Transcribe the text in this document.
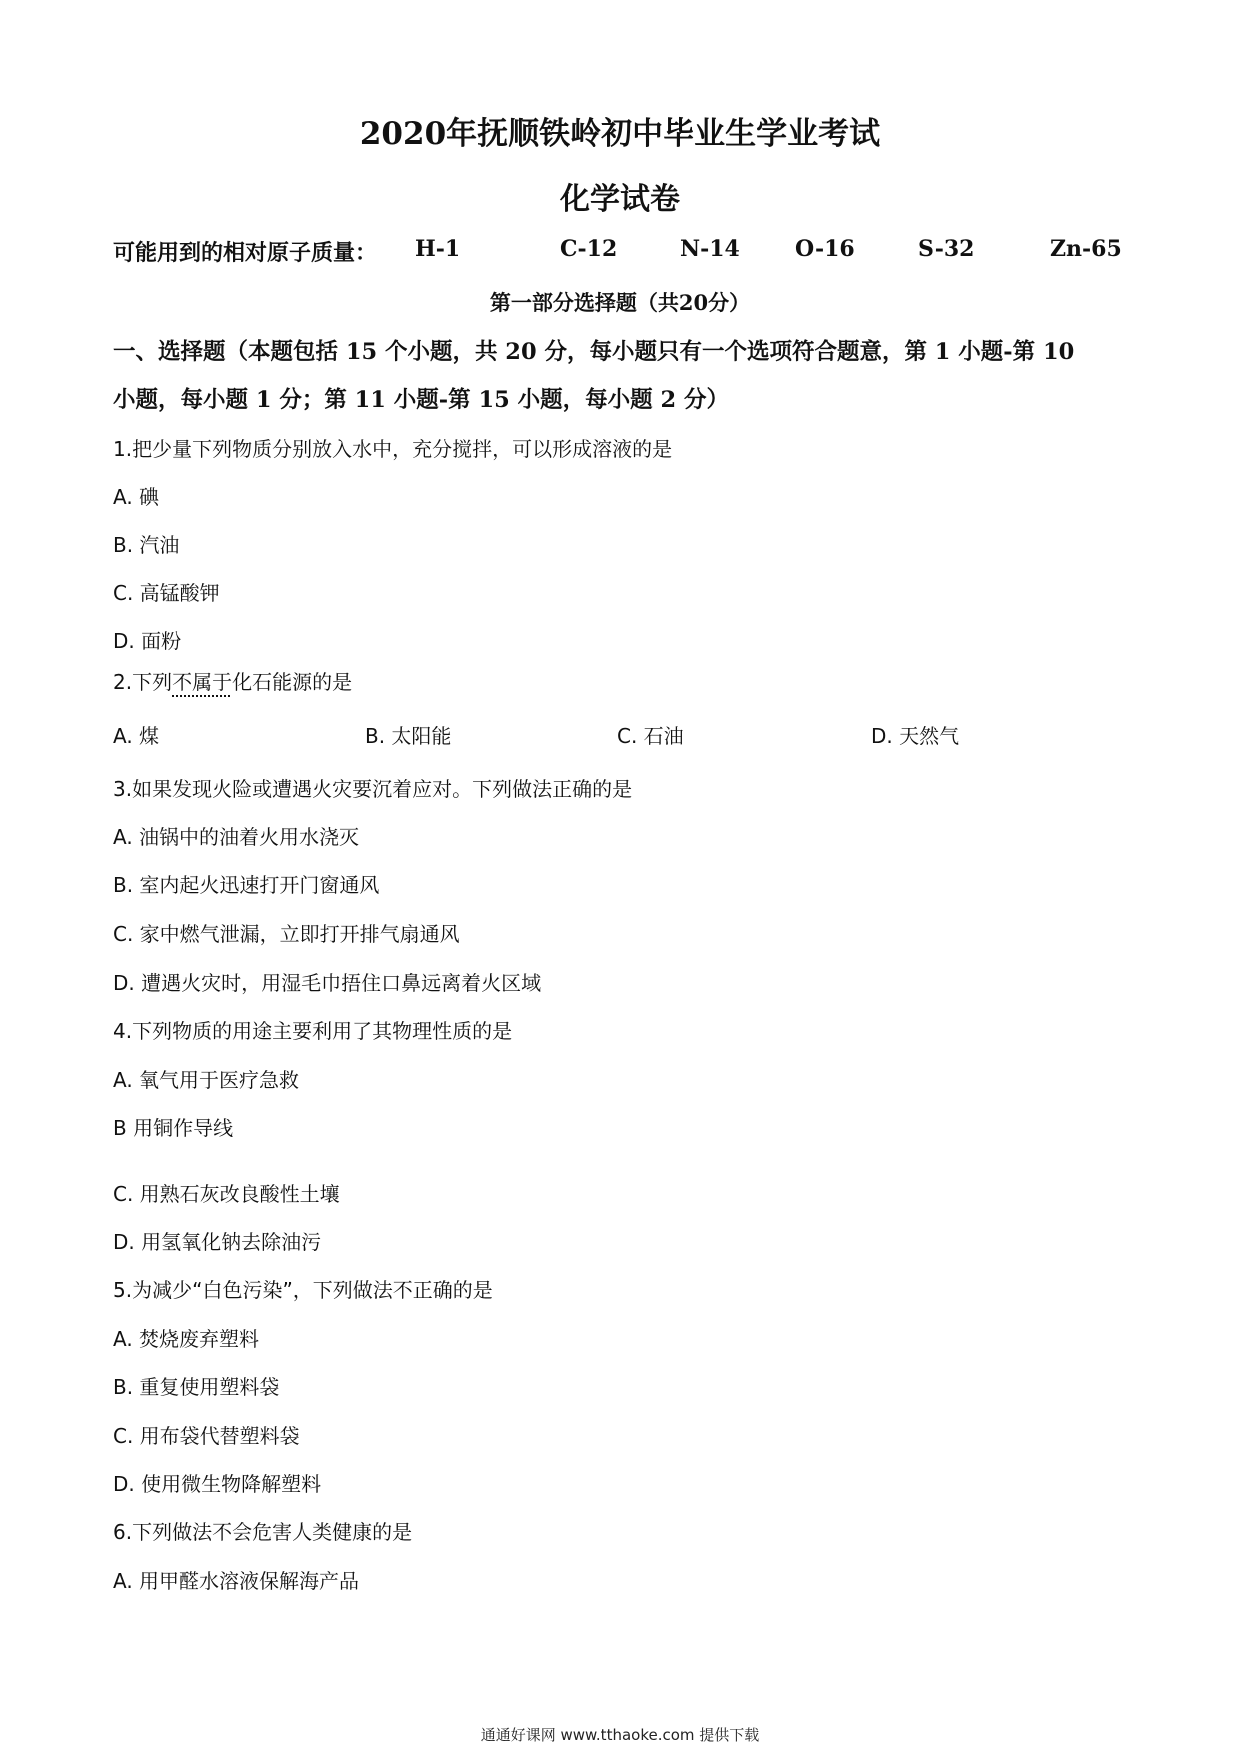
2020年抚顺铁岭初中毕业生学业考试
化学试卷
可能用到的相对原子质量： H-1	C-12	N-14	O-16	S-32	Zn-65
第一部分选择题（共20分）
一、选择题（本题包括 15 个小题，共 20 分，每小题只有一个选项符合题意，第 1 小题-第 10
小题，每小题 1 分；第 11 小题-第 15 小题，每小题 2 分）
1.把少量下列物质分别放入水中，充分搅拌，可以形成溶液的是
A. 碘
B. 汽油
C. 高锰酸钾
D. 面粉
2.下列不属于化石能源的是
A. 煤	B. 太阳能	C. 石油	D. 天然气
3.如果发现火险或遭遇火灾要沉着应对。下列做法正确的是
A. 油锅中的油着火用水浇灭
B. 室内起火迅速打开门窗通风
C. 家中燃气泄漏，立即打开排气扇通风
D. 遭遇火灾时，用湿毛巾捂住口鼻远离着火区域
4.下列物质的用途主要利用了其物理性质的是
A. 氧气用于医疗急救
B 用铜作导线
C. 用熟石灰改良酸性土壤
D. 用氢氧化钠去除油污
5.为减少“白色污染”，下列做法不正确的是
A. 焚烧废弃塑料
B. 重复使用塑料袋
C. 用布袋代替塑料袋
D. 使用微生物降解塑料
6.下列做法不会危害人类健康的是
A. 用甲醛水溶液保解海产品
通通好课网 www.tthaoke.com 提供下载
